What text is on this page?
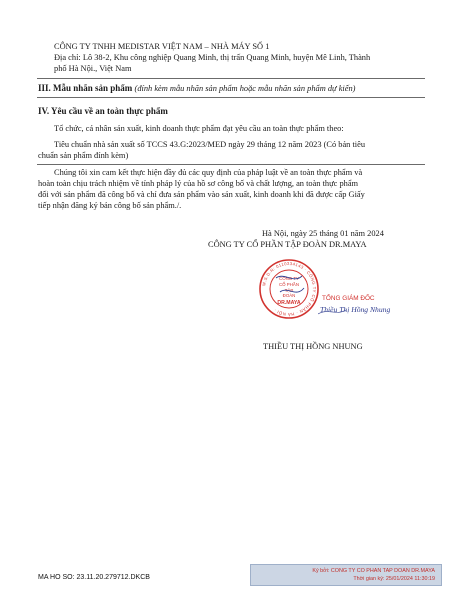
CÔNG TY TNHH MEDISTAR VIỆT NAM – NHÀ MÁY SỐ 1

Địa chỉ: Lô 38-2, Khu công nghiệp Quang Minh, thị trấn Quang Minh, huyện Mê Linh, Thành

phố Hà Nội., Việt Nam

III. Mẫu nhãn sản phẩm (đính kèm mẫu nhãn sản phẩm hoặc mẫu nhãn sản phẩm dự kiến)

IV. Yêu cầu về an toàn thực phẩm

Tổ chức, cá nhân sản xuất, kinh doanh thực phẩm đạt yêu cầu an toàn thực phẩm theo:

Tiêu chuẩn nhà sản xuất số TCCS 43.G:2023/MED ngày 29 tháng 12 năm 2023 (Có bản tiêu

chuẩn sản phẩm đính kèm)

Chúng tôi xin cam kết thực hiện đầy đủ các quy định của pháp luật về an toàn thực phẩm và

hoàn toàn chịu trách nhiệm về tính pháp lý của hồ sơ công bố và chất lượng, an toàn thực phẩm

đối với sản phẩm đã công bố và chỉ đưa sản phẩm vào sản xuất, kinh doanh khi đã được cấp Giấy

tiếp nhận đăng ký bản công bố sản phẩm./.

Hà Nội, ngày 25 tháng 01 năm 2024

CÔNG TY CỔ PHẦN TẬP ĐOÀN DR.MAYA

M.S.D.N: 0110334143 · CÔNG TY CỔ PHẦN · HÀ NỘI ·
CÔNG TY
CỔ PHẦN
TẬP
ĐOÀN
DR.MAYA
TỔNG GIÁM ĐỐC
Thiều Thị Hồng Nhung

THIỀU THỊ HỒNG NHUNG

MA HO SO: 23.11.20.279712.DKCB
Ký bởi: CONG TY CO PHAN TAP DOAN DR.MAYA
Thời gian ký: 25/01/2024 11:30:19
